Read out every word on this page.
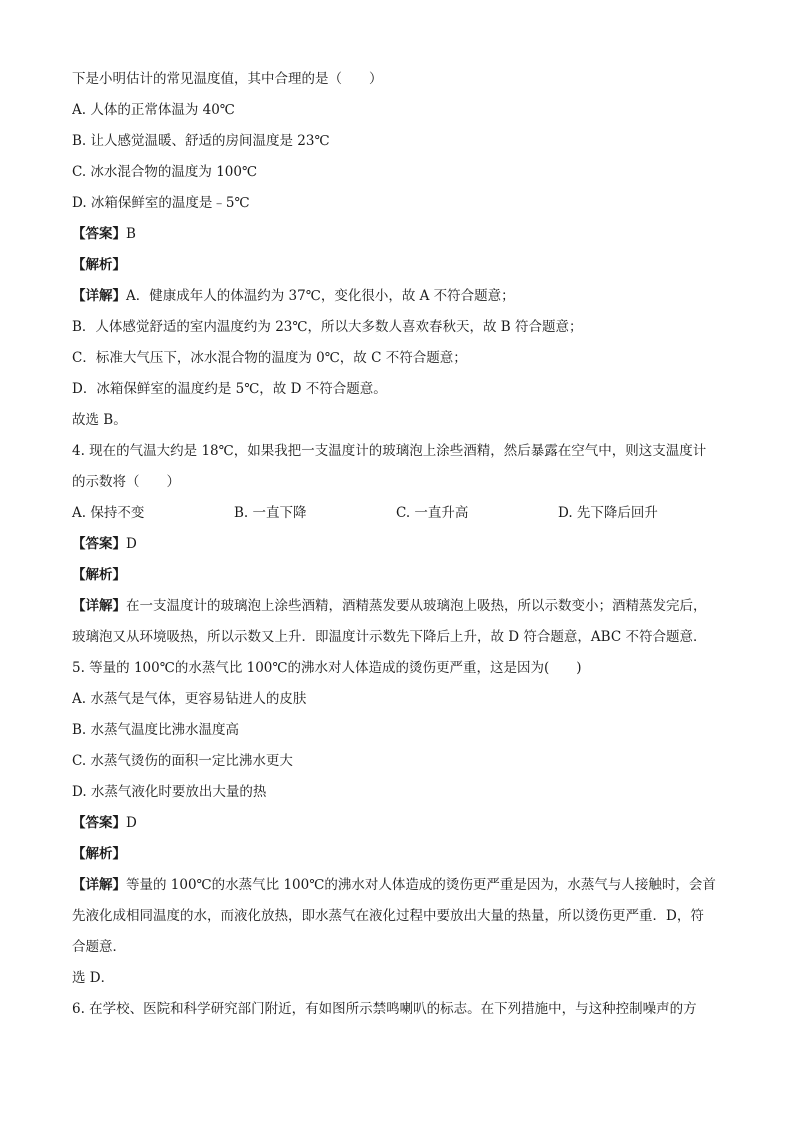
下是小明估计的常见温度值，其中合理的是（　　）
A. 人体的正常体温为 40℃
B. 让人感觉温暖、舒适的房间温度是 23℃
C. 冰水混合物的温度为 100℃
D. 冰箱保鲜室的温度是﹣5℃
【答案】B
【解析】
【详解】A．健康成年人的体温约为 37℃，变化很小，故 A 不符合题意；
B．人体感觉舒适的室内温度约为 23℃，所以大多数人喜欢春秋天，故 B 符合题意；
C．标准大气压下，冰水混合物的温度为 0℃，故 C 不符合题意；
D．冰箱保鲜室的温度约是 5℃，故 D 不符合题意。
故选 B。
4. 现在的气温大约是 18℃，如果我把一支温度计的玻璃泡上涂些酒精，然后暴露在空气中，则这支温度计
的示数将（　　）
A. 保持不变	B. 一直下降	C. 一直升高	D. 先下降后回升
【答案】D
【解析】
【详解】在一支温度计的玻璃泡上涂些酒精，酒精蒸发要从玻璃泡上吸热，所以示数变小；酒精蒸发完后，
玻璃泡又从环境吸热，所以示数又上升．即温度计示数先下降后上升，故 D 符合题意，ABC 不符合题意．
5. 等量的 100℃的水蒸气比 100℃的沸水对人体造成的烫伤更严重，这是因为(　　)
A. 水蒸气是气体，更容易钻进人的皮肤
B. 水蒸气温度比沸水温度高
C. 水蒸气烫伤的面积一定比沸水更大
D. 水蒸气液化时要放出大量的热
【答案】D
【解析】
【详解】等量的 100℃的水蒸气比 100℃的沸水对人体造成的烫伤更严重是因为，水蒸气与人接触时，会首
先液化成相同温度的水，而液化放热，即水蒸气在液化过程中要放出大量的热量，所以烫伤更严重．D，符
合题意．
选 D．
6. 在学校、医院和科学研究部门附近，有如图所示禁鸣喇叭的标志。在下列措施中，与这种控制噪声的方
